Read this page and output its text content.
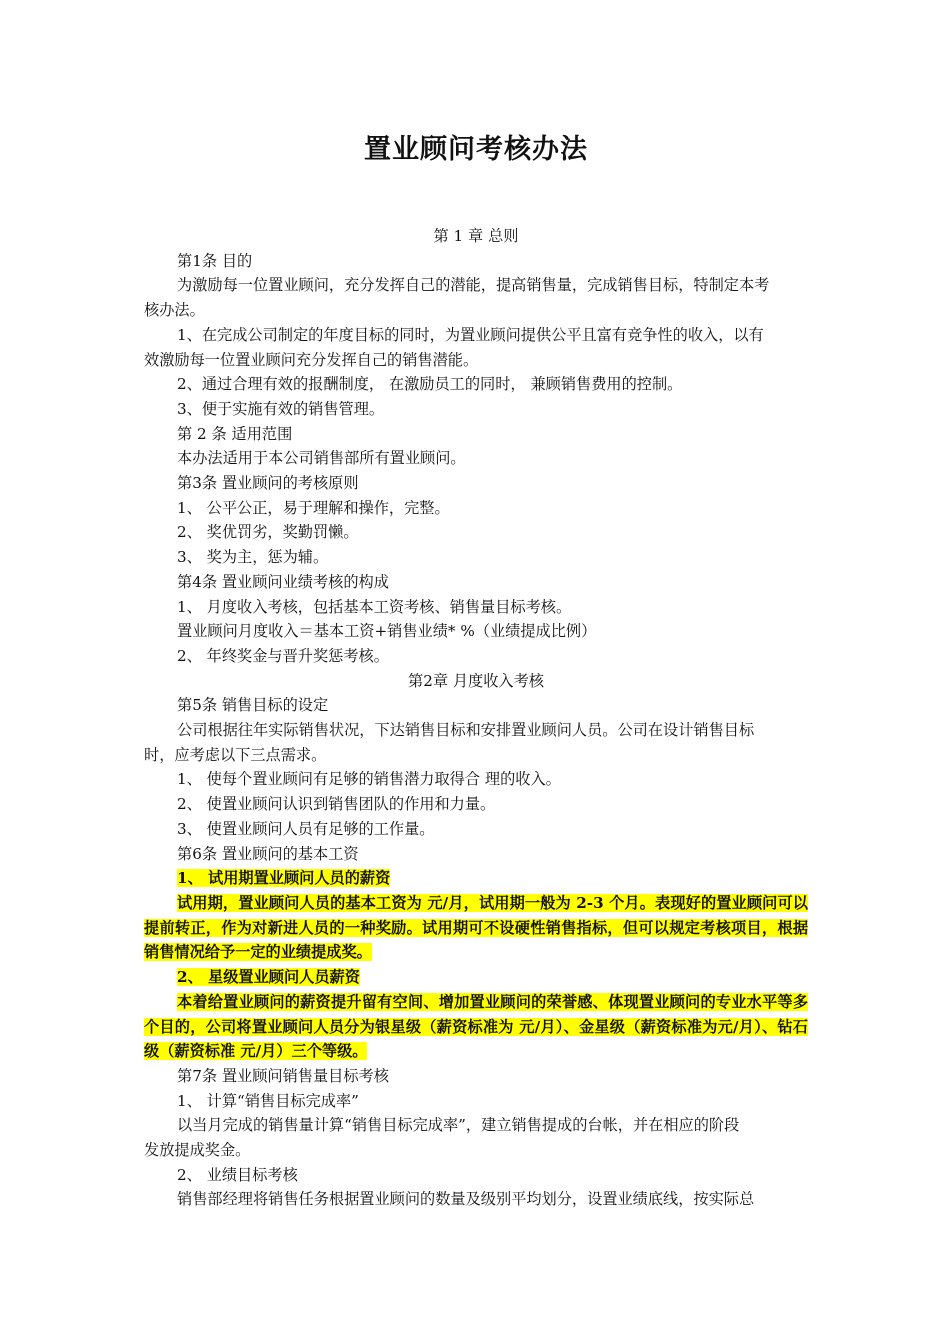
置业顾问考核办法

第 1 章 总则

第1条 目的

为激励每一位置业顾问，充分发挥自己的潜能，提高销售量，完成销售目标，特制定本考

核办法。

1、在完成公司制定的年度目标的同时，为置业顾问提供公平且富有竞争性的收入，以有

效激励每一位置业顾问充分发挥自己的销售潜能。

2、通过合理有效的报酬制度， 在激励员工的同时， 兼顾销售费用的控制。

3、便于实施有效的销售管理。

第 2 条 适用范围

本办法适用于本公司销售部所有置业顾问。

第3条 置业顾问的考核原则

1、 公平公正，易于理解和操作，完整。

2、 奖优罚劣，奖勤罚懒。

3、 奖为主，惩为辅。

第4条 置业顾问业绩考核的构成

1、 月度收入考核，包括基本工资考核、销售量目标考核。

置业顾问月度收入＝基本工资+销售业绩* %（业绩提成比例）

2、 年终奖金与晋升奖惩考核。

第2章 月度收入考核

第5条 销售目标的设定

公司根据往年实际销售状况，下达销售目标和安排置业顾问人员。公司在设计销售目标

时，应考虑以下三点需求。

1、 使每个置业顾问有足够的销售潜力取得合 理的收入。

2、 使置业顾问认识到销售团队的作用和力量。

3、 使置业顾问人员有足够的工作量。

第6条 置业顾问的基本工资

1、 试用期置业顾问人员的薪资

试用期，置业顾问人员的基本工资为 元/月，试用期一般为 2-3 个月。表现好的置业顾问可以提前转正，作为对新进人员的一种奖励。试用期可不设硬性销售指标，但可以规定考核项目，根据销售情况给予一定的业绩提成奖。

2、 星级置业顾问人员薪资

本着给置业顾问的薪资提升留有空间、增加置业顾问的荣誉感、体现置业顾问的专业水平等多个目的，公司将置业顾问人员分为银星级（薪资标准为 元/月）、金星级（薪资标准为元/月）、钻石级（薪资标准 元/月）三个等级。

第7条 置业顾问销售量目标考核

1、 计算“销售目标完成率”

以当月完成的销售量计算“销售目标完成率”，建立销售提成的台帐，并在相应的阶段

发放提成奖金。

2、 业绩目标考核

销售部经理将销售任务根据置业顾问的数量及级别平均划分，设置业绩底线，按实际总
